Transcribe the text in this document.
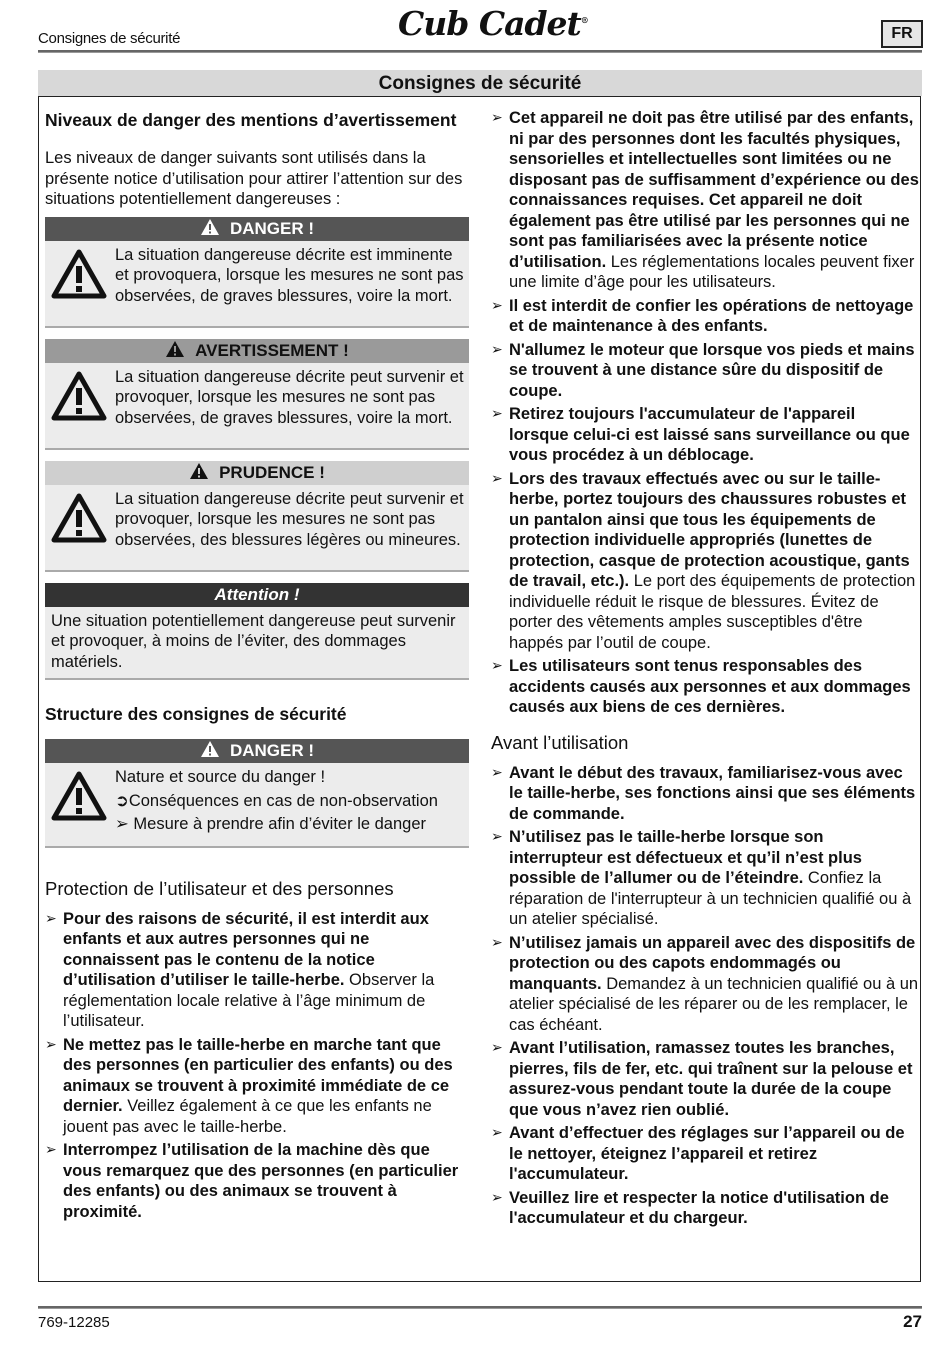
Consignes de sécurité	Cub Cadet®
FR
Consignes de sécurité
Niveaux de danger des mentions d’avertissement

Les niveaux de danger suivants sont utilisés dans la présente notice d’utilisation pour attirer l’attention sur des situations potentiellement dangereuses :

DANGER !
La situation dangereuse décrite est imminente et provoquera, lorsque les mesures ne sont pas observées, de graves blessures, voire la mort.
AVERTISSEMENT !
La situation dangereuse décrite peut survenir et provoquer, lorsque les mesures ne sont pas observées, de graves blessures, voire la mort.
PRUDENCE !
La situation dangereuse décrite peut survenir et provoquer, lorsque les mesures ne sont pas observées, des blessures légères ou mineures.
Attention !
Une situation potentiellement dangereuse peut survenir et provoquer, à moins de l’éviter, des dommages matériels.
Structure des consignes de sécurité
DANGER !
Nature et source du danger !
➲Conséquences en cas de non-observation
➢ Mesure à prendre afin d’éviter le danger
Protection de l’utilisateur et des personnes
➢ Pour des raisons de sécurité, il est interdit aux enfants et aux autres personnes qui ne connaissent pas le contenu de la notice d’utilisation d’utiliser le taille-herbe. Observer la réglementation locale relative à l’âge minimum de l’utilisateur.
➢ Ne mettez pas le taille-herbe en marche tant que des personnes (en particulier des enfants) ou des animaux se trouvent à proximité immédiate de ce dernier. Veillez également à ce que les enfants ne jouent pas avec le taille-herbe.
➢ Interrompez l’utilisation de la machine dès que vous remarquez que des personnes (en particulier des enfants) ou des animaux se trouvent à proximité.
➢ Cet appareil ne doit pas être utilisé par des enfants, ni par des personnes dont les facultés physiques, sensorielles et intellectuelles sont limitées ou ne disposant pas de suffisamment d’expérience ou des connaissances requises. Cet appareil ne doit également pas être utilisé par les personnes qui ne sont pas familiarisées avec la présente notice d’utilisation. Les réglementations locales peuvent fixer une limite d’âge pour les utilisateurs.
➢ Il est interdit de confier les opérations de nettoyage et de maintenance à des enfants.
➢ N'allumez le moteur que lorsque vos pieds et mains se trouvent à une distance sûre du dispositif de coupe.
➢ Retirez toujours l'accumulateur de l'appareil lorsque celui-ci est laissé sans surveillance ou que vous procédez à un déblocage.
➢ Lors des travaux effectués avec ou sur le taille-herbe, portez toujours des chaussures robustes et un pantalon ainsi que tous les équipements de protection individuelle appropriés (lunettes de protection, casque de protection acoustique, gants de travail, etc.). Le port des équipements de protection individuelle réduit le risque de blessures. Évitez de porter des vêtements amples susceptibles d'être happés par l’outil de coupe.
➢ Les utilisateurs sont tenus responsables des accidents causés aux personnes et aux dommages causés aux biens de ces dernières.
Avant l’utilisation
➢ Avant le début des travaux, familiarisez-vous avec le taille-herbe, ses fonctions ainsi que ses éléments de commande.
➢ N’utilisez pas le taille-herbe lorsque son interrupteur est défectueux et qu’il n’est plus possible de l’allumer ou de l’éteindre. Confiez la réparation de l'interrupteur à un technicien qualifié ou à un atelier spécialisé.
➢ N’utilisez jamais un appareil avec des dispositifs de protection ou des capots endommagés ou manquants. Demandez à un technicien qualifié ou à un atelier spécialisé de les réparer ou de les remplacer, le cas échéant.
➢ Avant l’utilisation, ramassez toutes les branches, pierres, fils de fer, etc. qui traînent sur la pelouse et assurez-vous pendant toute la durée de la coupe que vous n’avez rien oublié.
➢ Avant d’effectuer des réglages sur l’appareil ou de le nettoyer, éteignez l’appareil et retirez l'accumulateur.
➢ Veuillez lire et respecter la notice d'utilisation de l'accumulateur et du chargeur.
769-12285	27
